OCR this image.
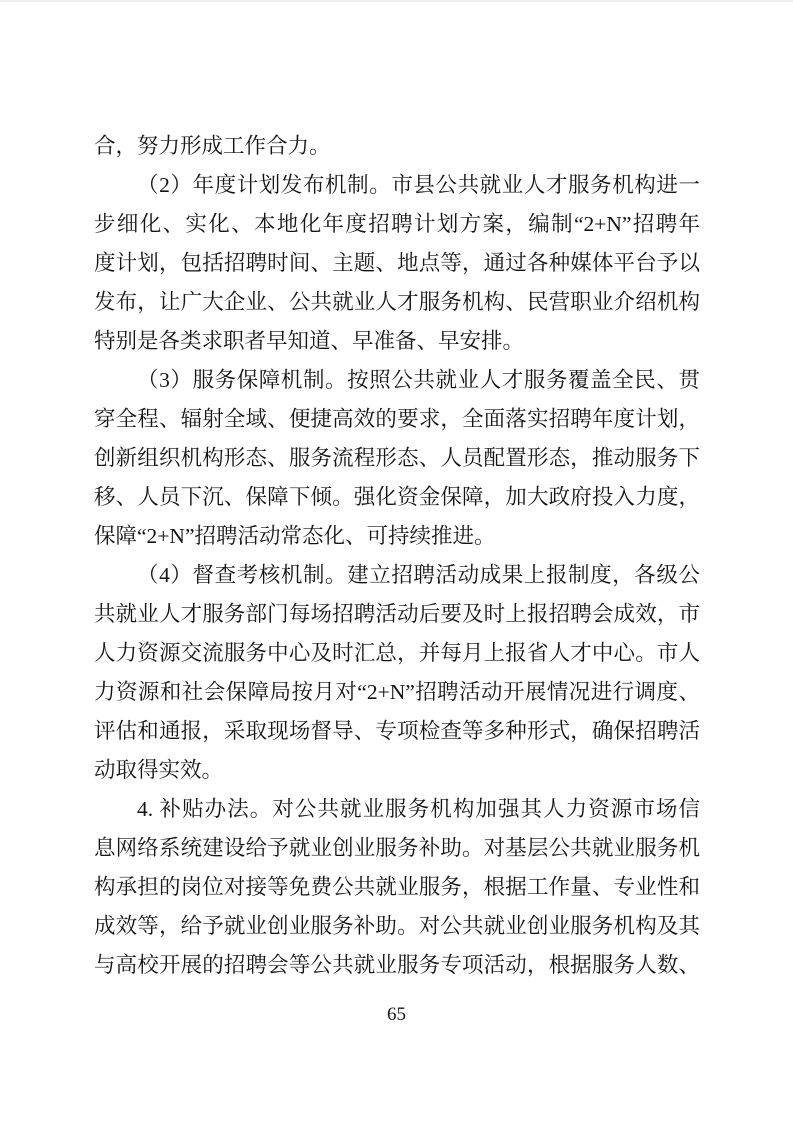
合，努力形成工作合力。
（2）年度计划发布机制。市县公共就业人才服务机构进一
步细化、实化、本地化年度招聘计划方案，编制“2+N”招聘年
度计划，包括招聘时间、主题、地点等，通过各种媒体平台予以
发布，让广大企业、公共就业人才服务机构、民营职业介绍机构
特别是各类求职者早知道、早准备、早安排。
（3）服务保障机制。按照公共就业人才服务覆盖全民、贯
穿全程、辐射全域、便捷高效的要求，全面落实招聘年度计划，
创新组织机构形态、服务流程形态、人员配置形态，推动服务下
移、人员下沉、保障下倾。强化资金保障，加大政府投入力度，
保障“2+N”招聘活动常态化、可持续推进。
（4）督查考核机制。建立招聘活动成果上报制度，各级公
共就业人才服务部门每场招聘活动后要及时上报招聘会成效，市
人力资源交流服务中心及时汇总，并每月上报省人才中心。市人
力资源和社会保障局按月对“2+N”招聘活动开展情况进行调度、
评估和通报，采取现场督导、专项检查等多种形式，确保招聘活
动取得实效。
4. 补贴办法。对公共就业服务机构加强其人力资源市场信
息网络系统建设给予就业创业服务补助。对基层公共就业服务机
构承担的岗位对接等免费公共就业服务，根据工作量、专业性和
成效等，给予就业创业服务补助。对公共就业创业服务机构及其
与高校开展的招聘会等公共就业服务专项活动，根据服务人数、
65
